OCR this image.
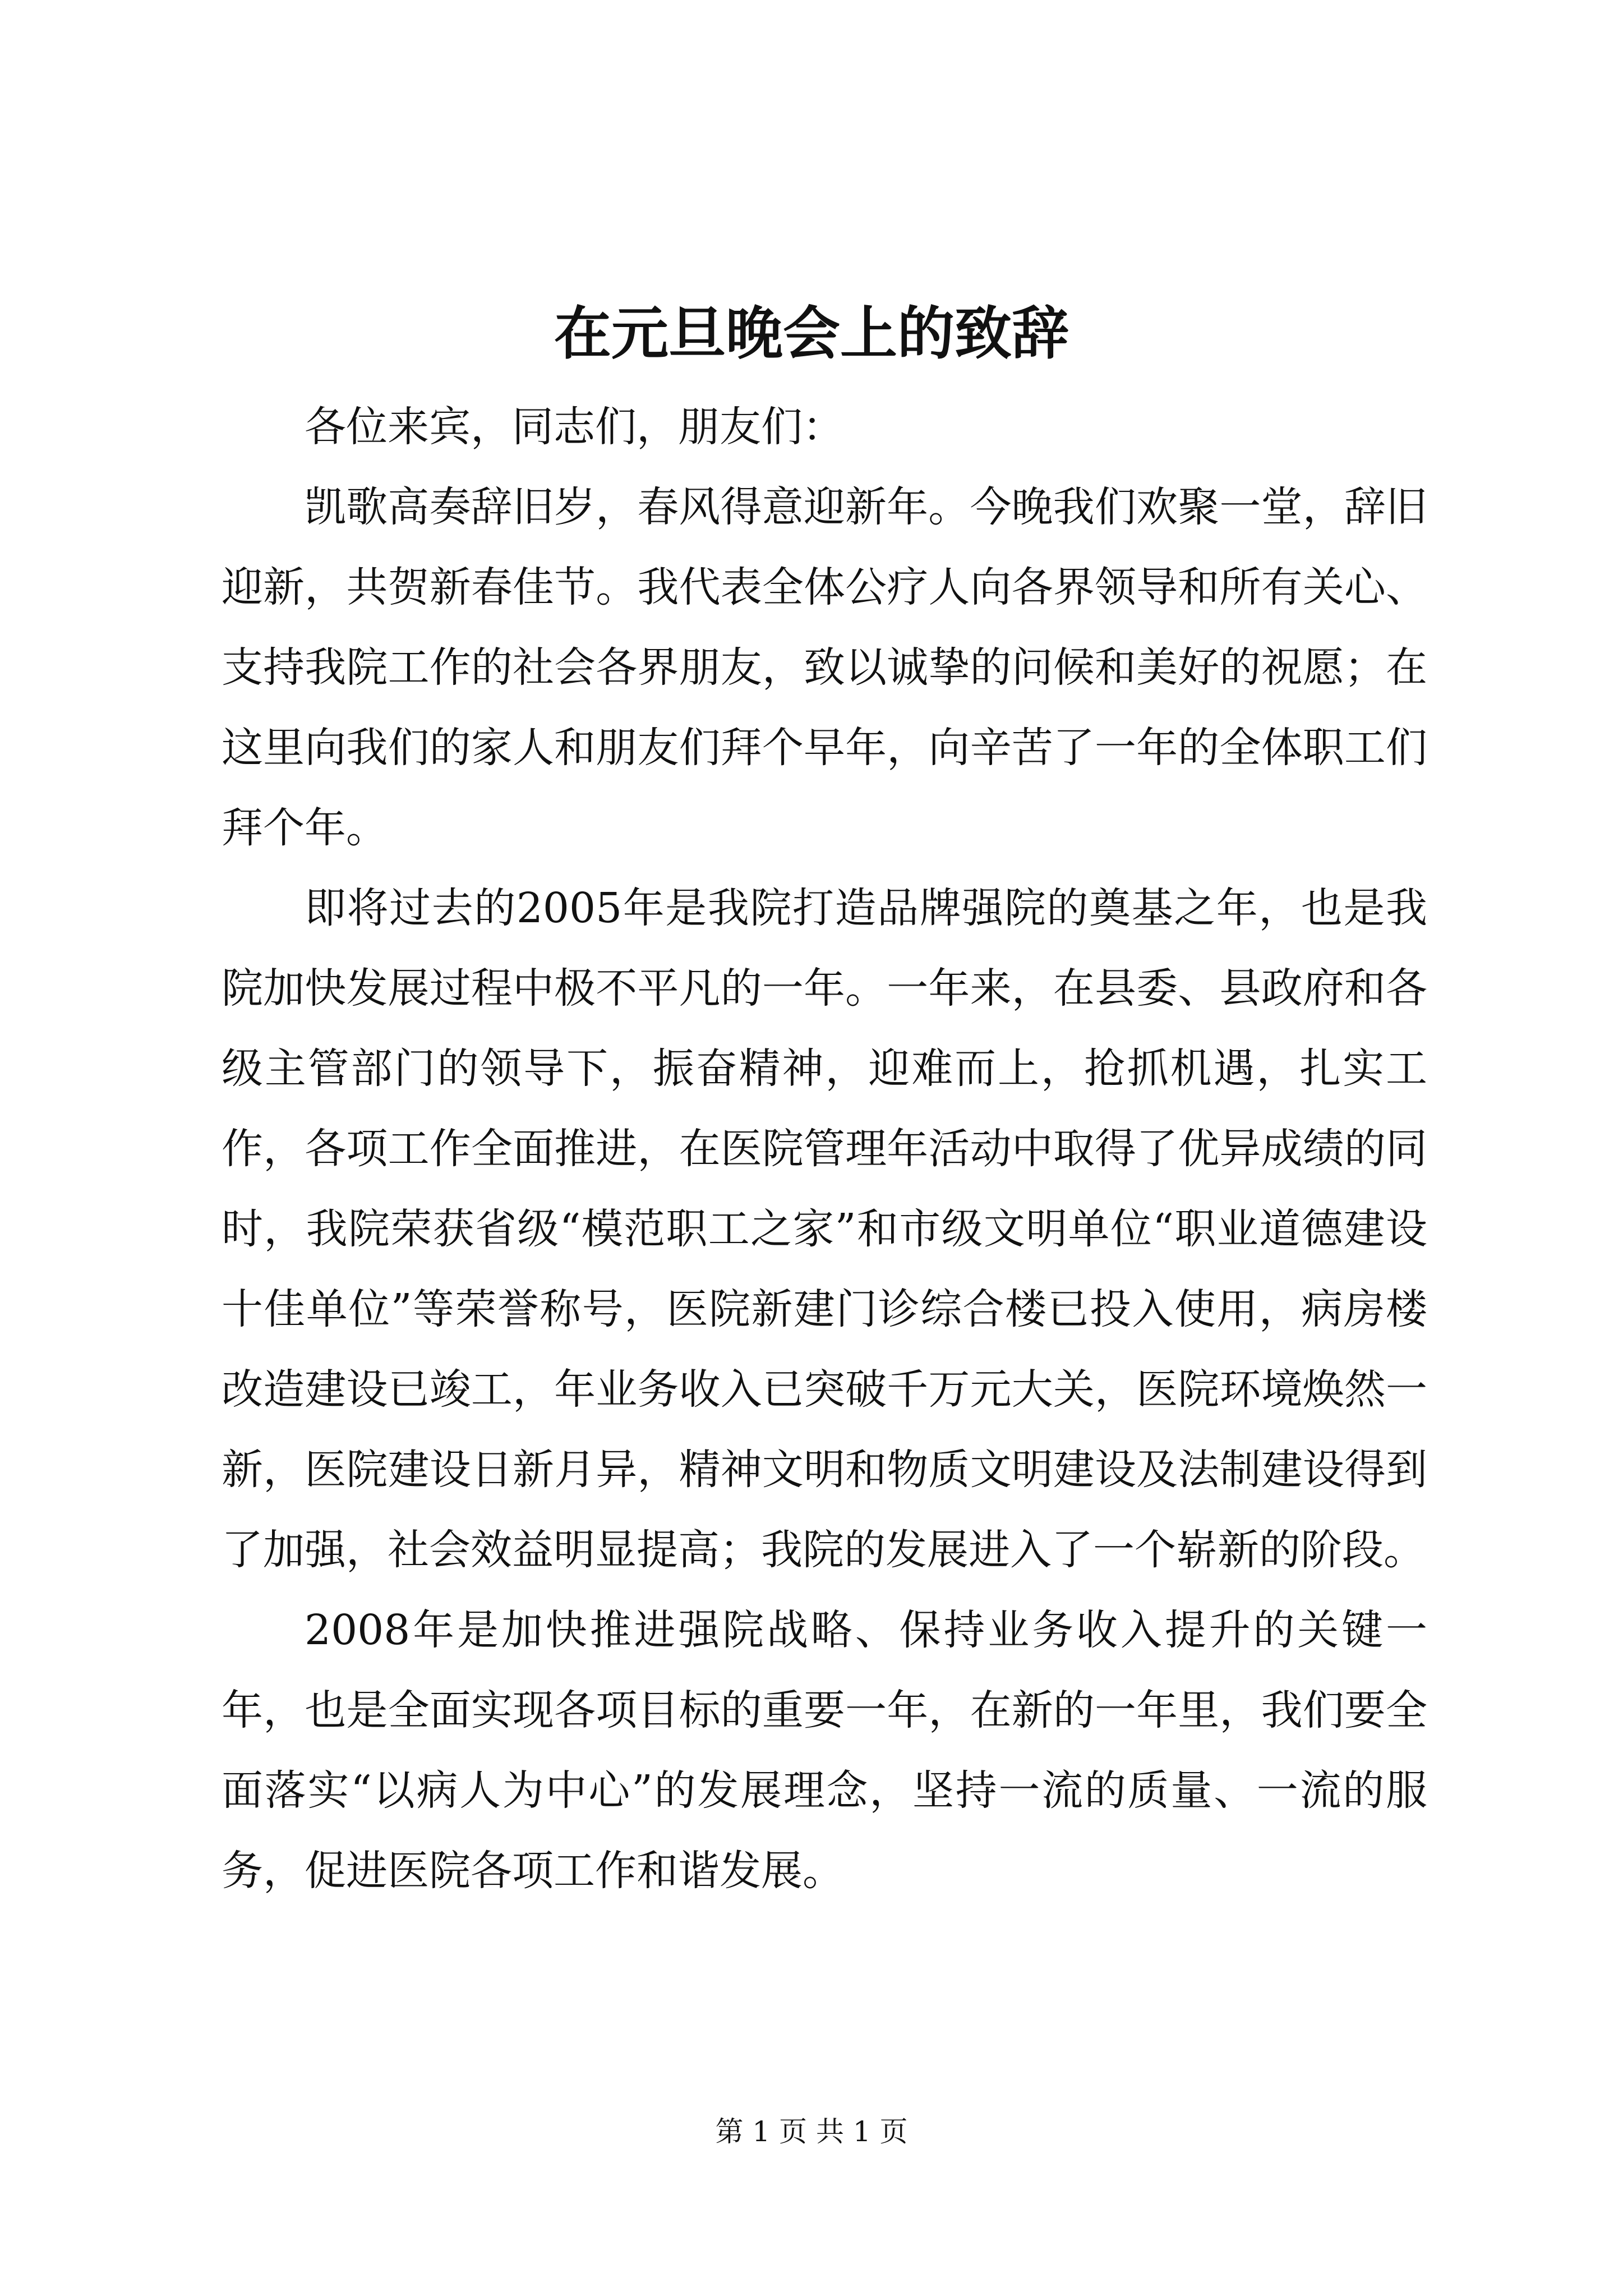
在元旦晚会上的致辞

各位来宾，同志们，朋友们：

凯歌高奏辞旧岁，春风得意迎新年。今晚我们欢聚一堂，辞旧迎新，共贺新春佳节。我代表全体公疗人向各界领导和所有关心、支持我院工作的社会各界朋友，致以诚挚的问候和美好的祝愿；在这里向我们的家人和朋友们拜个早年，向辛苦了一年的全体职工们拜个年。

即将过去的2005年是我院打造品牌强院的奠基之年，也是我院加快发展过程中极不平凡的一年。一年来，在县委、县政府和各级主管部门的领导下，振奋精神，迎难而上，抢抓机遇，扎实工作，各项工作全面推进，在医院管理年活动中取得了优异成绩的同时，我院荣获省级“模范职工之家”和市级文明单位“职业道德建设十佳单位”等荣誉称号，医院新建门诊综合楼已投入使用，病房楼改造建设已竣工，年业务收入已突破千万元大关，医院环境焕然一新，医院建设日新月异，精神文明和物质文明建设及法制建设得到了加强，社会效益明显提高；我院的发展进入了一个崭新的阶段。

2008年是加快推进强院战略、保持业务收入提升的关键一年，也是全面实现各项目标的重要一年，在新的一年里，我们要全面落实“以病人为中心”的发展理念，坚持一流的质量、一流的服务，促进医院各项工作和谐发展。

第 1 页 共 1 页
